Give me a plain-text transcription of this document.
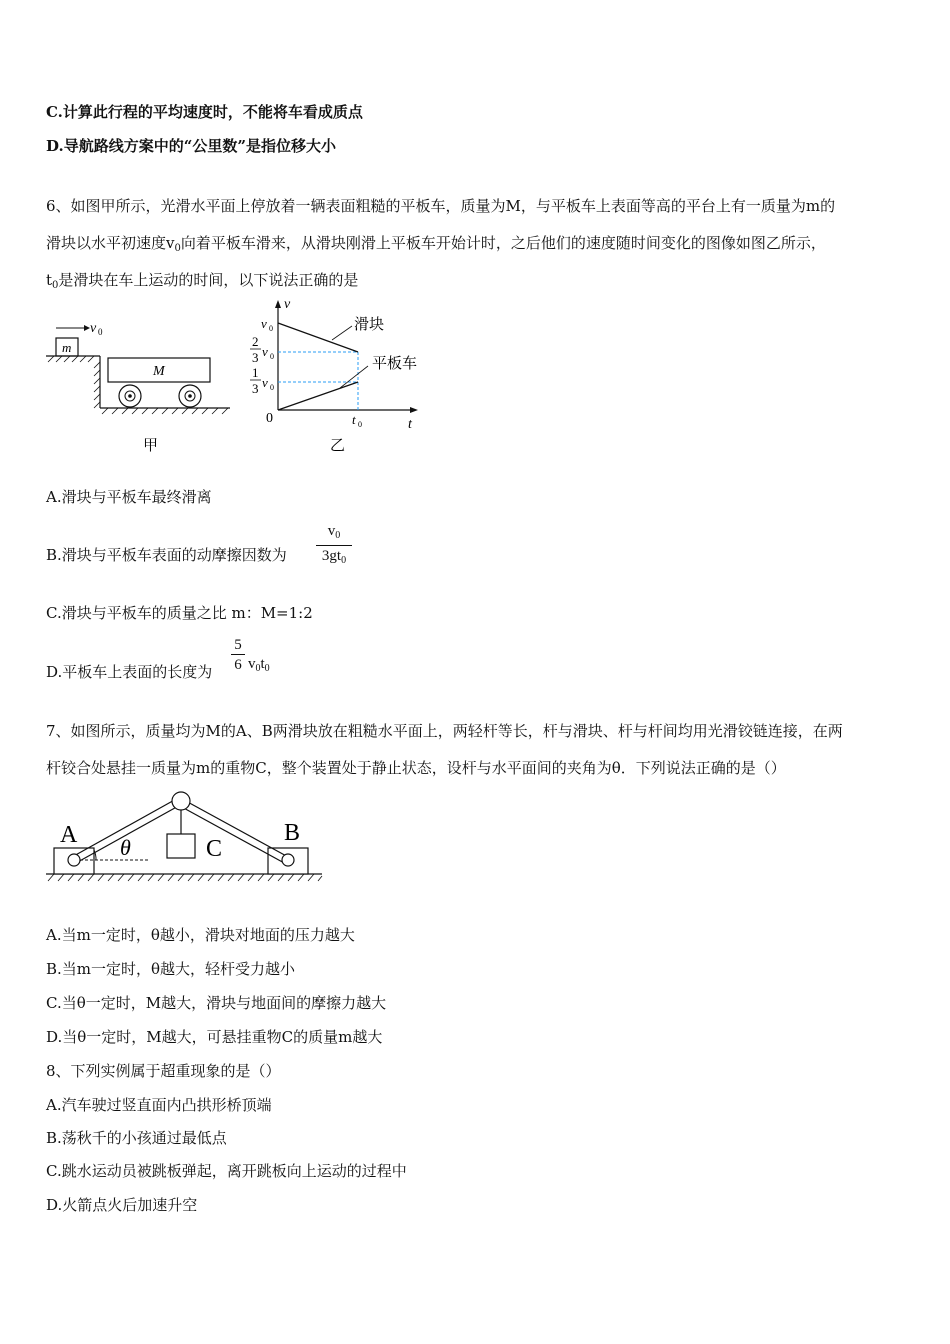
C.计算此行程的平均速度时，不能将车看成质点
D.导航路线方案中的“公里数”是指位移大小
6、如图甲所示，光滑水平面上停放着一辆表面粗糙的平板车，质量为M，与平板车上表面等高的平台上有一质量为m的
滑块以水平初速度$v_0$向着平板车滑来，从滑块刚滑上平板车开始计时，之后他们的速度随时间变化的图像如图乙所示，
$t_0$是滑块在车上运动的时间，以下说法正确的是
v 0
m
M
甲
v
t
0
v 0
2
3 v 0
1
3 v 0
滑块
平板车
t 0
乙
A.滑块与平板车最终滑离
B.滑块与平板车表面的动摩擦因数为
$v_0$
$3gt_0$
C.滑块与平板车的质量之比 m：M=1:2
D.平板车上表面的长度为
5
6 $v_0t_0$
7、如图所示，质量均为M的A、B两滑块放在粗糙水平面上，两轻杆等长，杆与滑块、杆与杆间均用光滑铰链连接，在两
杆铰合处悬挂一质量为m的重物C，整个装置处于静止状态，设杆与水平面间的夹角为θ．下列说法正确的是（）
θ
A	B
C
A.当m一定时，θ越小，滑块对地面的压力越大
B.当m一定时，θ越大，轻杆受力越小
C.当θ一定时，M越大，滑块与地面间的摩擦力越大
D.当θ一定时，M越大，可悬挂重物C的质量m越大
8、下列实例属于超重现象的是（）
A.汽车驶过竖直面内凸拱形桥顶端
B.荡秋千的小孩通过最低点
C.跳水运动员被跳板弹起，离开跳板向上运动的过程中
D.火箭点火后加速升空
